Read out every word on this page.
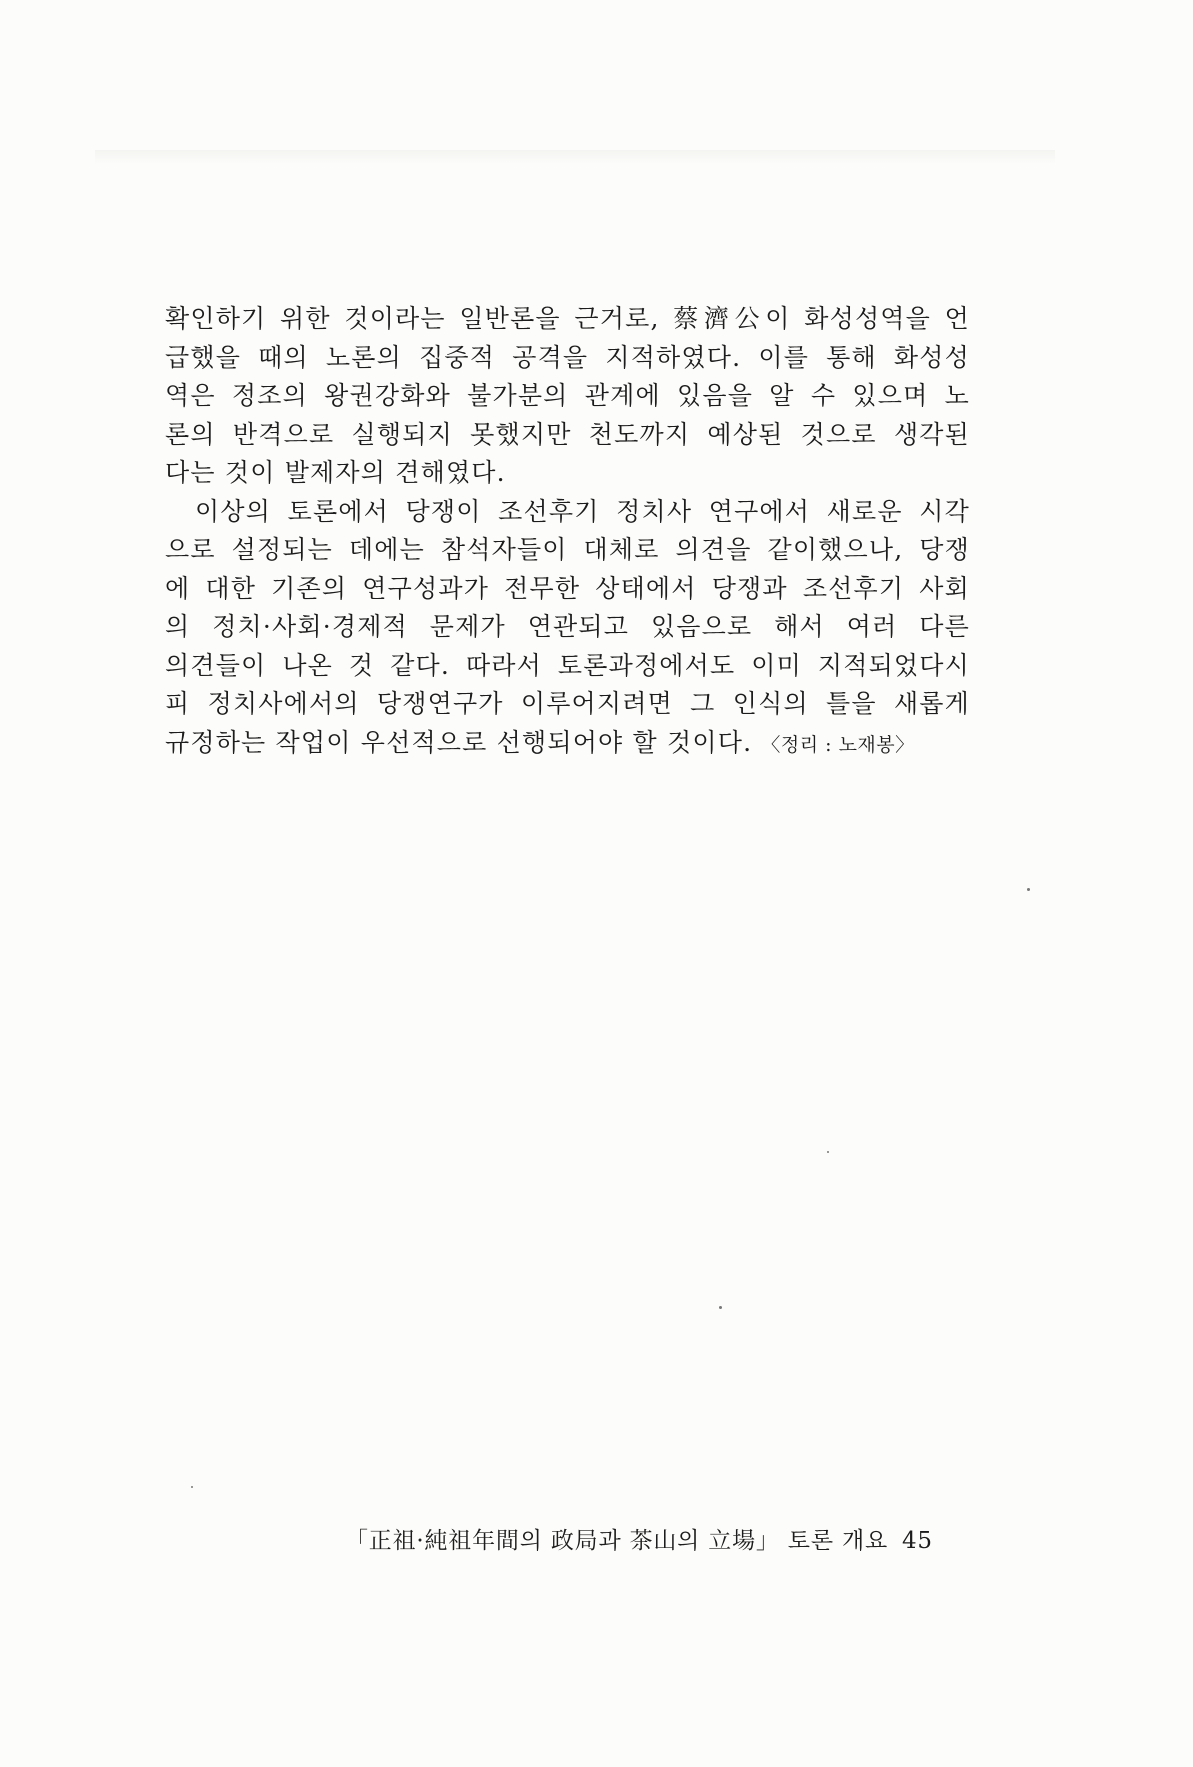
확인하기 위한 것이라는 일반론을 근거로, 蔡濟公이 화성성역을 언
급했을 때의 노론의 집중적 공격을 지적하였다. 이를 통해 화성성
역은 정조의 왕권강화와 불가분의 관계에 있음을 알 수 있으며 노
론의 반격으로 실행되지 못했지만 천도까지 예상된 것으로 생각된
다는 것이 발제자의 견해였다.
이상의 토론에서 당쟁이 조선후기 정치사 연구에서 새로운 시각
으로 설정되는 데에는 참석자들이 대체로 의견을 같이했으나, 당쟁
에 대한 기존의 연구성과가 전무한 상태에서 당쟁과 조선후기 사회
의 정치·사회·경제적 문제가 연관되고 있음으로 해서 여러 다른
의견들이 나온 것 같다. 따라서 토론과정에서도 이미 지적되었다시
피 정치사에서의 당쟁연구가 이루어지려면 그 인식의 틀을 새롭게
규정하는 작업이 우선적으로 선행되어야 할 것이다. 〈정리 : 노재봉〉
「正祖·純祖年間의 政局과 茶山의 立場」 토론 개요 45
